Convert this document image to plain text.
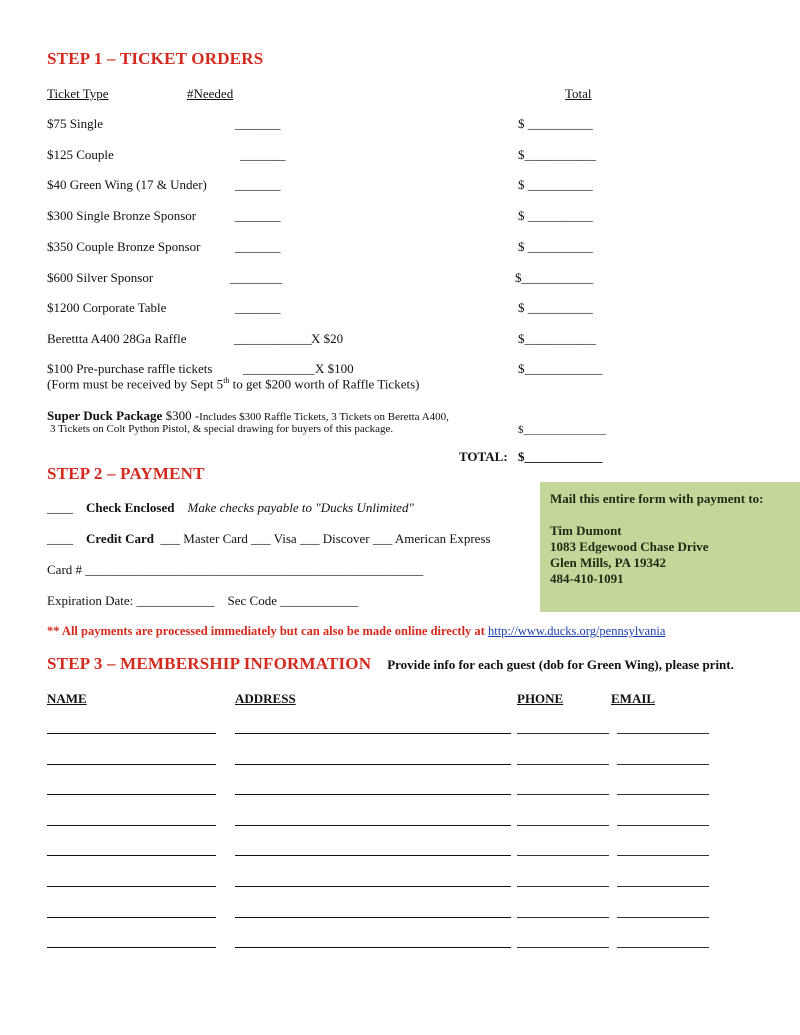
STEP 1 – TICKET ORDERS
Ticket Type	#Needed	Total
$75 Single	_______	$ __________
$125 Couple	_______	$___________
$40 Green Wing (17 & Under) _______	$ __________
$300 Single Bronze Sponsor	_______	$ __________
$350 Couple Bronze Sponsor	_______	$ __________
$600 Silver Sponsor	________	$___________
$1200 Corporate Table	_______	$ __________
Berettta A400 28Ga Raffle	____________ X $20	$___________
$100 Pre-purchase raffle tickets ___________ X $100	$____________
(Form must be received by Sept 5th to get $200 worth of Raffle Tickets)
Super Duck Package $300 -Includes $300 Raffle Tickets, 3 Tickets on Beretta A400,
3 Tickets on Colt Python Pistol, & special drawing for buyers of this package.	$_______________
TOTAL: $____________
STEP 2 – PAYMENT
____ Check Enclosed Make checks payable to "Ducks Unlimited"
____ Credit Card ___ Master Card ___ Visa ___ Discover ___ American Express
Card # ____________________________________________________
Expiration Date: ____________ Sec Code ____________
Mail this entire form with payment to:
Tim Dumont
1083 Edgewood Chase Drive
Glen Mills, PA 19342
484-410-1091
** All payments are processed immediately but can also be made online directly at http://www.ducks.org/pennsylvania
STEP 3 – MEMBERSHIP INFORMATION Provide info for each guest (dob for Green Wing), please print.
NAME	ADDRESS	PHONE	EMAIL
